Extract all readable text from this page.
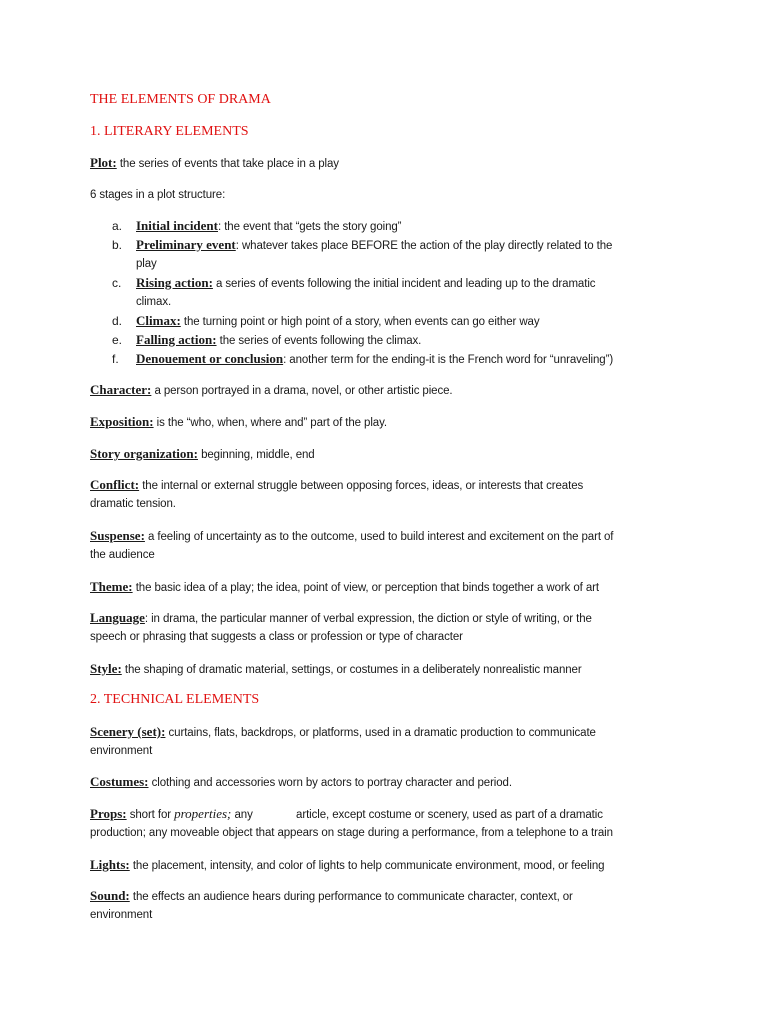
THE ELEMENTS OF DRAMA
1. LITERARY ELEMENTS

Plot: the series of events that take place in a play

6 stages in a plot structure:

a.	Initial incident: the event that “gets the story going”
b.	Preliminary event: whatever takes place BEFORE the action of the play directly related to the
play
c.	Rising action: a series of events following the initial incident and leading up to the dramatic
climax.
d.	Climax: the turning point or high point of a story, when events can go either way
e.	Falling action: the series of events following the climax.
f.	Denouement or conclusion: another term for the ending-it is the French word for “unraveling”)

Character: a person portrayed in a drama, novel, or other artistic piece.

Exposition: is the “who, when, where and” part of the play.

Story organization: beginning, middle, end

Conflict: the internal or external struggle between opposing forces, ideas, or interests that creates

dramatic tension.

Suspense: a feeling of uncertainty as to the outcome, used to build interest and excitement on the part of

the audience

Theme: the basic idea of a play; the idea, point of view, or perception that binds together a work of art

Language: in drama, the particular manner of verbal expression, the diction or style of writing, or the

speech or phrasing that suggests a class or profession or type of character

Style: the shaping of dramatic material, settings, or costumes in a deliberately nonrealistic manner

2. TECHNICAL ELEMENTS

Scenery (set): curtains, flats, backdrops, or platforms, used in a dramatic production to communicate

environment

Costumes: clothing and accessories worn by actors to portray character and period.

Props: short for properties; any              article, except costume or scenery, used as part of a dramatic

production; any moveable object that appears on stage during a performance, from a telephone to a train

Lights: the placement, intensity, and color of lights to help communicate environment, mood, or feeling

Sound: the effects an audience hears during performance to communicate character, context, or

environment
